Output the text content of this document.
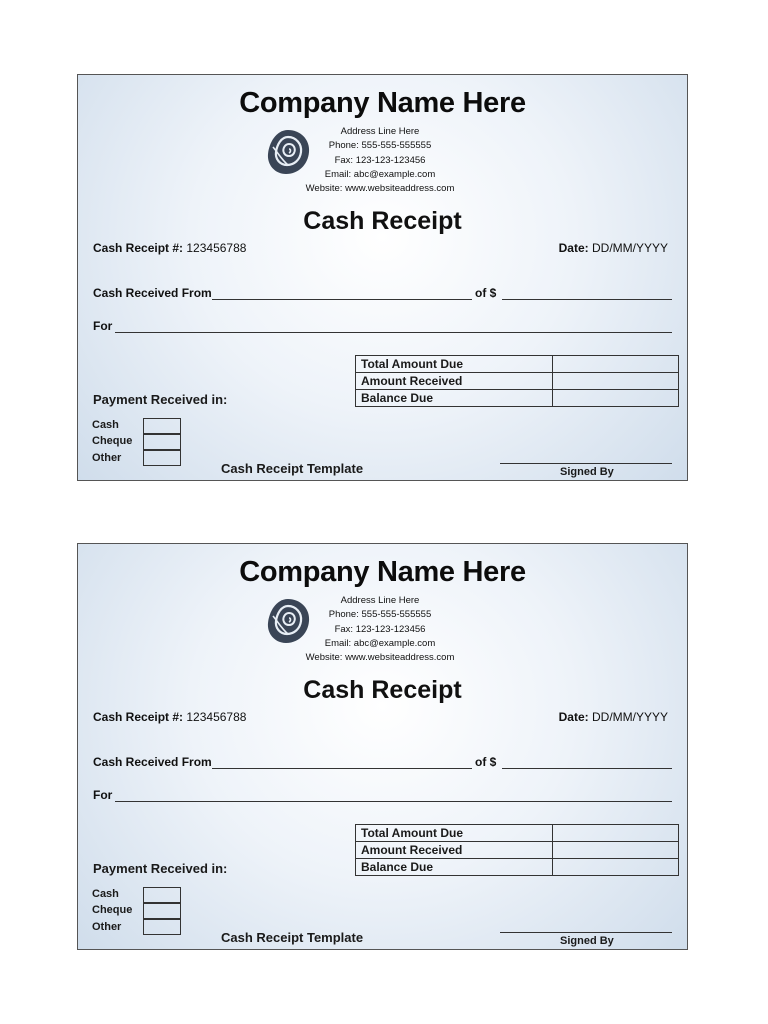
Company Name Here
Address Line Here
Phone: 555-555-555555
Fax: 123-123-123456
Email: abc@example.com
Website: www.websiteaddress.com
Cash Receipt
Cash Receipt #: 123456788	Date: DD/MM/YYYY
Cash Received From	of $
For
Total Amount Due	
Amount Received	
Balance Due	
Payment Received in:
Cash
Cheque
Other
Cash Receipt Template	Signed By
Company Name Here
Address Line Here
Phone: 555-555-555555
Fax: 123-123-123456
Email: abc@example.com
Website: www.websiteaddress.com
Cash Receipt
Cash Receipt #: 123456788	Date: DD/MM/YYYY
Cash Received From	of $
For
Total Amount Due	
Amount Received	
Balance Due	
Payment Received in:
Cash
Cheque
Other
Cash Receipt Template	Signed By
